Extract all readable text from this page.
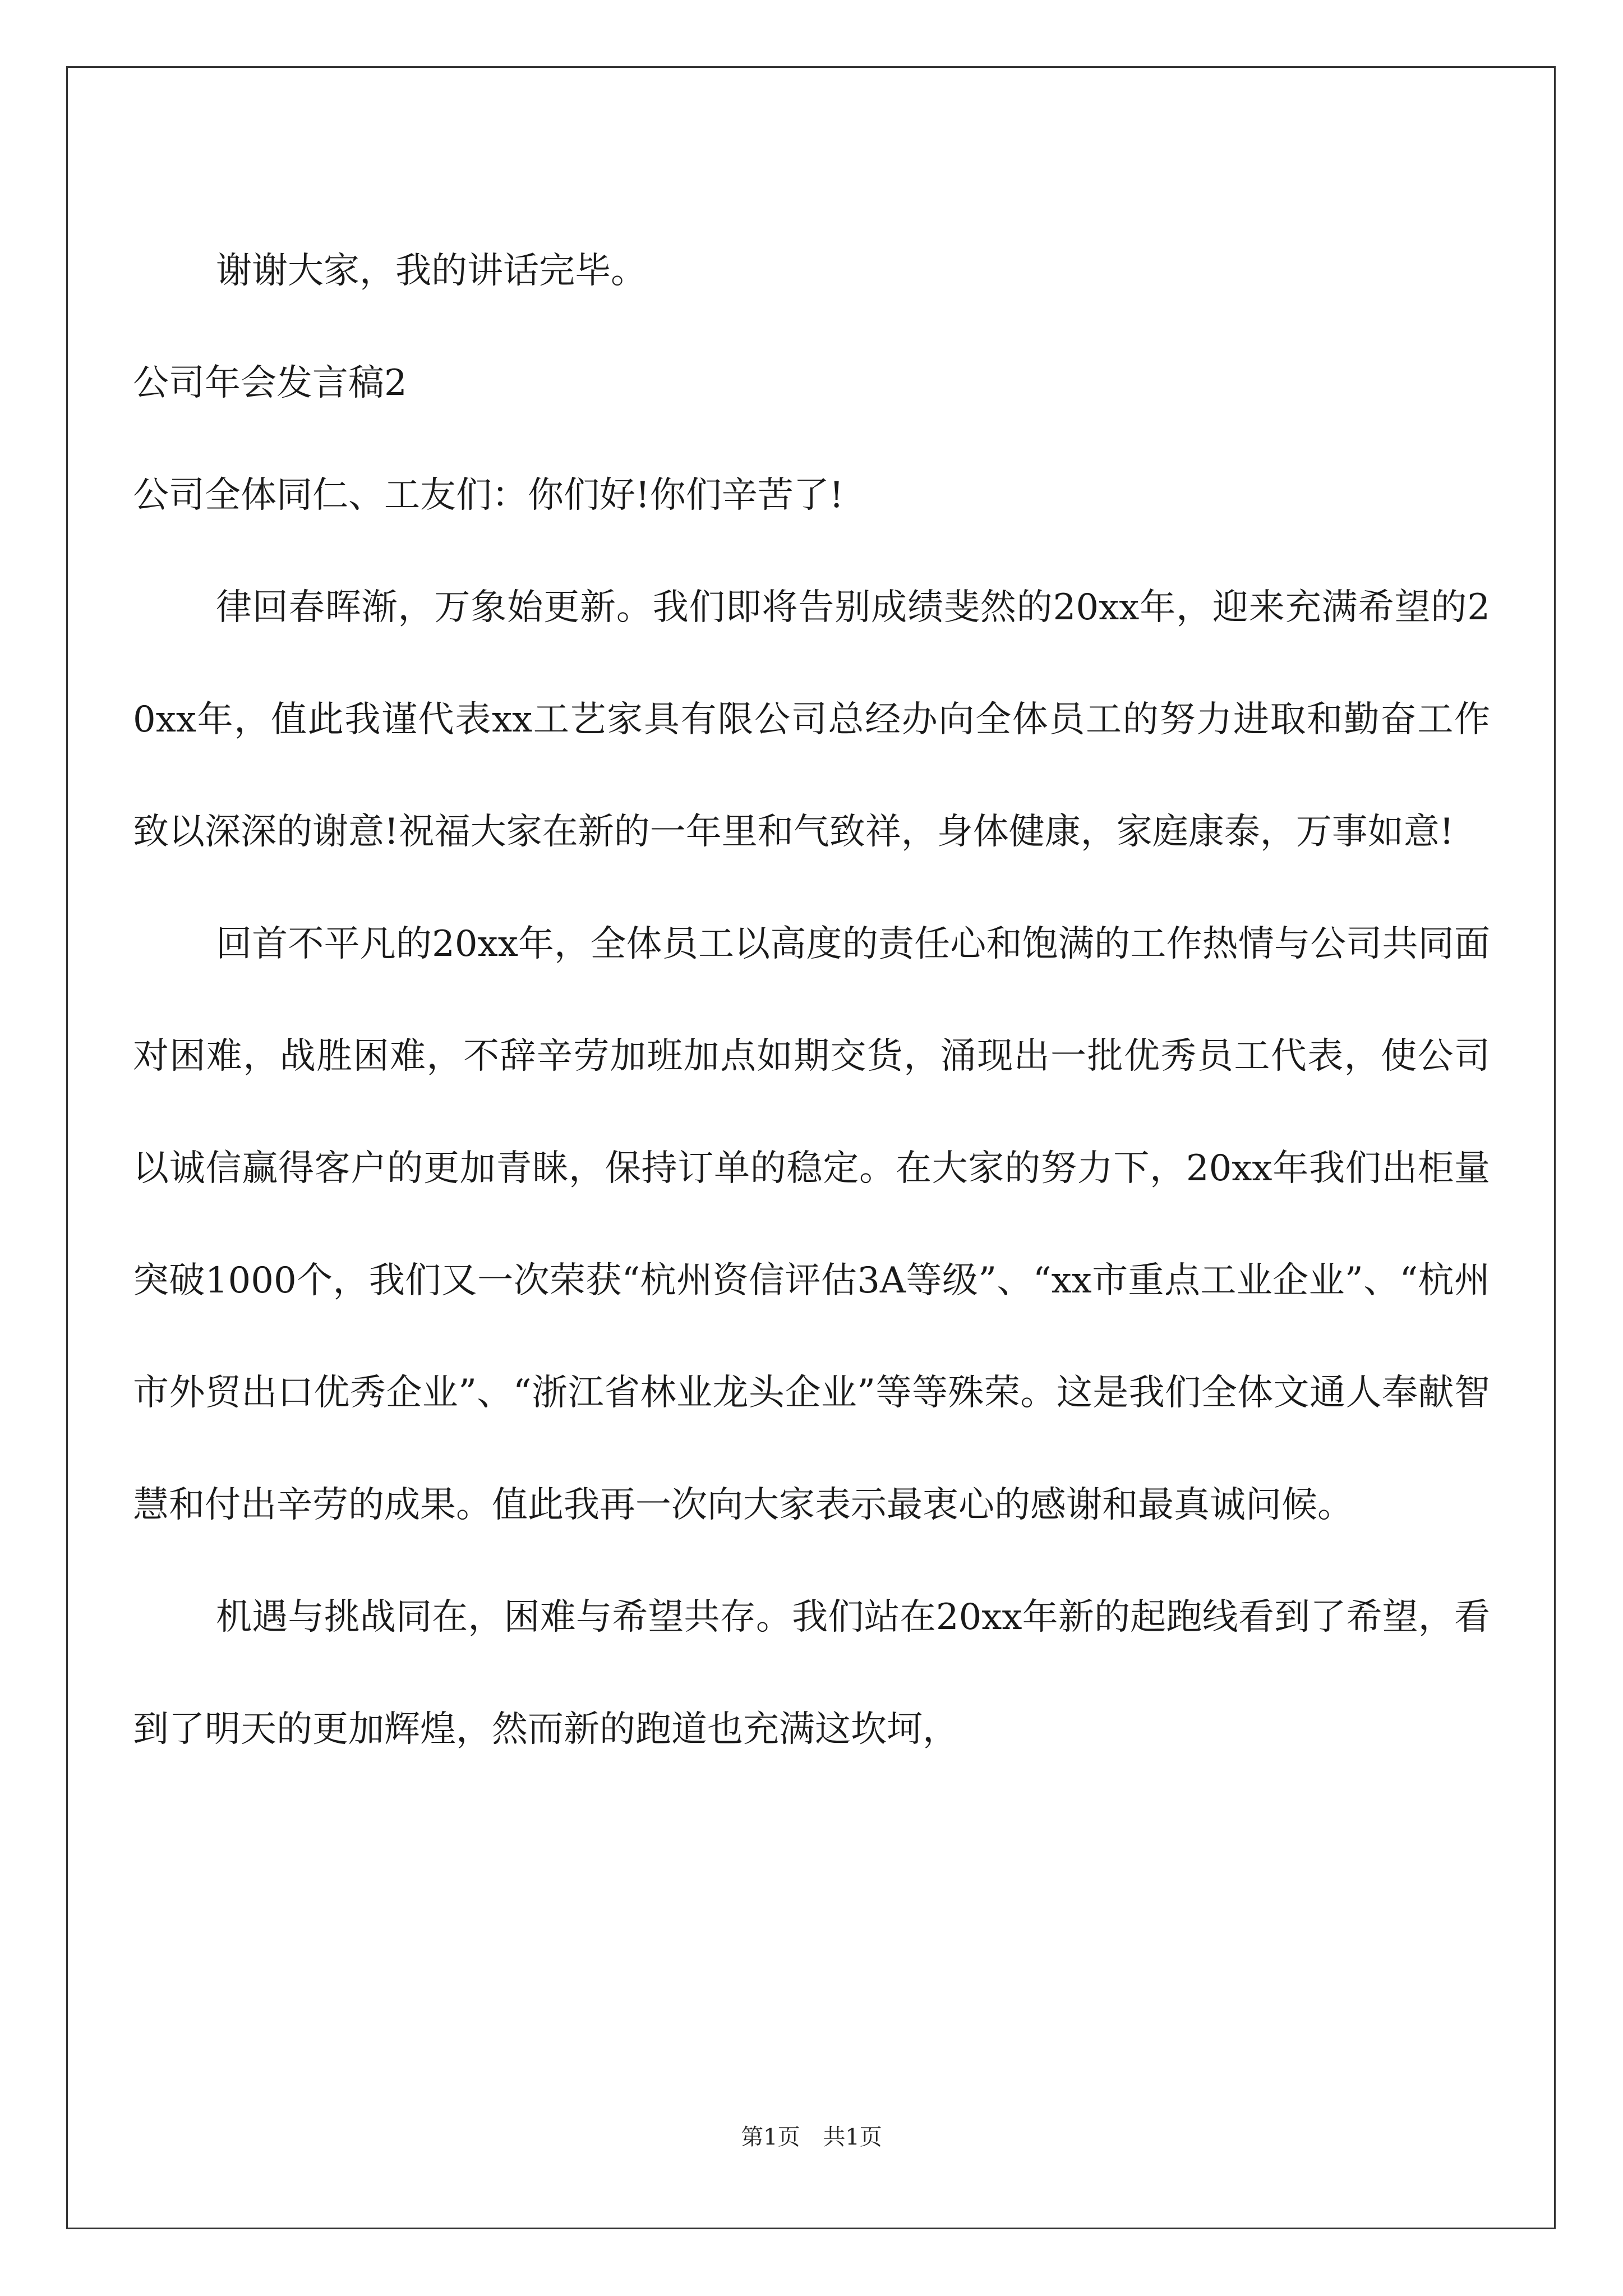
谢谢大家，我的讲话完毕。

公司年会发言稿2

公司全体同仁、工友们：你们好!你们辛苦了!

律回春晖渐，万象始更新。我们即将告别成绩斐然的20xx年，迎来充满希望的20xx年，值此我谨代表xx工艺家具有限公司总经办向全体员工的努力进取和勤奋工作致以深深的谢意!祝福大家在新的一年里和气致祥，身体健康，家庭康泰，万事如意!

回首不平凡的20xx年，全体员工以高度的责任心和饱满的工作热情与公司共同面对困难，战胜困难，不辞辛劳加班加点如期交货，涌现出一批优秀员工代表，使公司以诚信赢得客户的更加青睐，保持订单的稳定。在大家的努力下，20xx年我们出柜量突破1000个，我们又一次荣获“杭州资信评估3A等级”、“xx市重点工业企业”、“杭州市外贸出口优秀企业”、“浙江省林业龙头企业”等等殊荣。这是我们全体文通人奉献智慧和付出辛劳的成果。值此我再一次向大家表示最衷心的感谢和最真诚问候。

机遇与挑战同在，困难与希望共存。我们站在20xx年新的起跑线看到了希望，看到了明天的更加辉煌，然而新的跑道也充满这坎坷，

第1页 共1页
